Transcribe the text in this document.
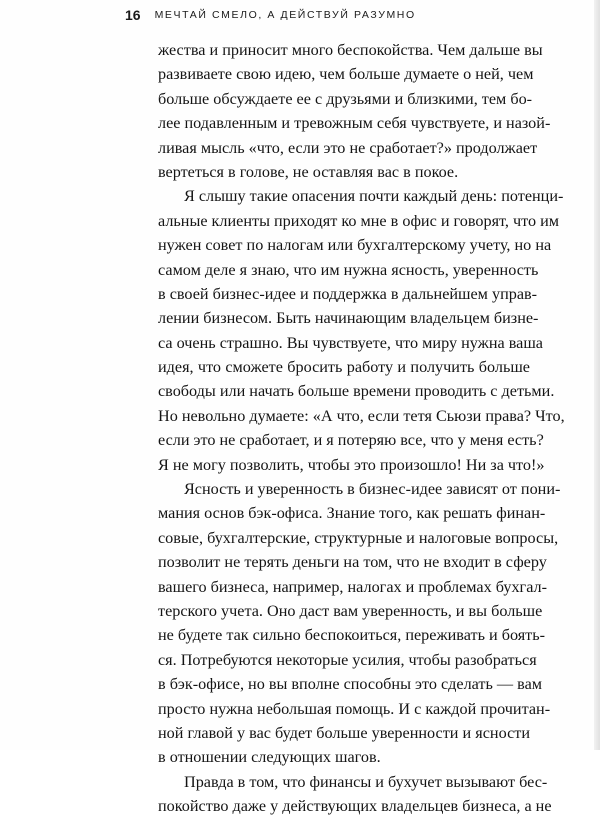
16 МЕЧТАЙ СМЕЛО, А ДЕЙСТВУЙ РАЗУМНО
жества и приносит много беспокойства. Чем дальше вы
развиваете свою идею, чем больше думаете о ней, чем
больше обсуждаете ее с друзьями и близкими, тем бо-
лее подавленным и тревожным себя чувствуете, и назой-
ливая мысль «что, если это не сработает?» продолжает
вертеться в голове, не оставляя вас в покое.
Я слышу такие опасения почти каждый день: потенци-
альные клиенты приходят ко мне в офис и говорят, что им
нужен совет по налогам или бухгалтерскому учету, но на
самом деле я знаю, что им нужна ясность, уверенность
в своей бизнес-идее и поддержка в дальнейшем управ-
лении бизнесом. Быть начинающим владельцем бизне-
са очень страшно. Вы чувствуете, что миру нужна ваша
идея, что сможете бросить работу и получить больше
свободы или начать больше времени проводить с детьми.
Но невольно думаете: «А что, если тетя Сьюзи права? Что,
если это не сработает, и я потеряю все, что у меня есть?
Я не могу позволить, чтобы это произошло! Ни за что!»
Ясность и уверенность в бизнес-идее зависят от пони-
мания основ бэк-офиса. Знание того, как решать финан-
совые, бухгалтерские, структурные и налоговые вопросы,
позволит не терять деньги на том, что не входит в сферу
вашего бизнеса, например, налогах и проблемах бухгал-
терского учета. Оно даст вам уверенность, и вы больше
не будете так сильно беспокоиться, переживать и боять-
ся. Потребуются некоторые усилия, чтобы разобраться
в бэк-офисе, но вы вполне способны это сделать — вам
просто нужна небольшая помощь. И с каждой прочитан-
ной главой у вас будет больше уверенности и ясности
в отношении следующих шагов.
Правда в том, что финансы и бухучет вызывают бес-
покойство даже у действующих владельцев бизнеса, а не
